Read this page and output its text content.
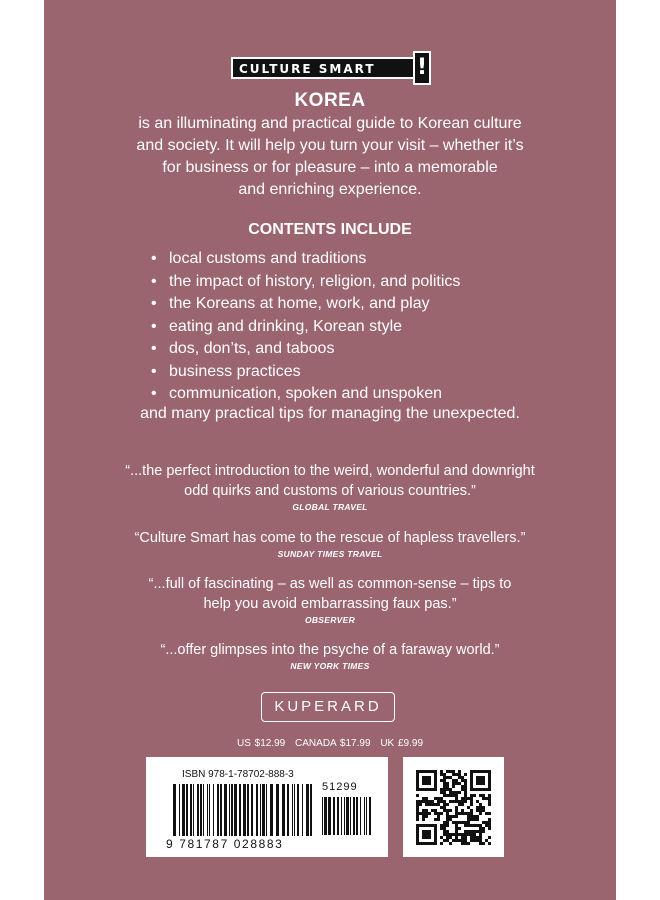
CULTURE SMART !
KOREA
is an illuminating and practical guide to Korean culture
and society. It will help you turn your visit – whether it’s
for business or for pleasure – into a memorable
and enriching experience.
CONTENTS INCLUDE
• local customs and traditions
• the impact of history, religion, and politics
• the Koreans at home, work, and play
• eating and drinking, Korean style
• dos, don’ts, and taboos
• business practices
• communication, spoken and unspoken
and many practical tips for managing the unexpected.
“...the perfect introduction to the weird, wonderful and downright
odd quirks and customs of various countries.”
GLOBAL TRAVEL
“Culture Smart has come to the rescue of hapless travellers.”
SUNDAY TIMES TRAVEL
“...full of fascinating – as well as common-sense – tips to
help you avoid embarrassing faux pas.”
OBSERVER
“...offer glimpses into the psyche of a faraway world.”
NEW YORK TIMES
KUPERARD
US $12.99 CANADA $17.99 UK £9.99
ISBN 978-1-78702-888-3
51299
9 781787 028883
